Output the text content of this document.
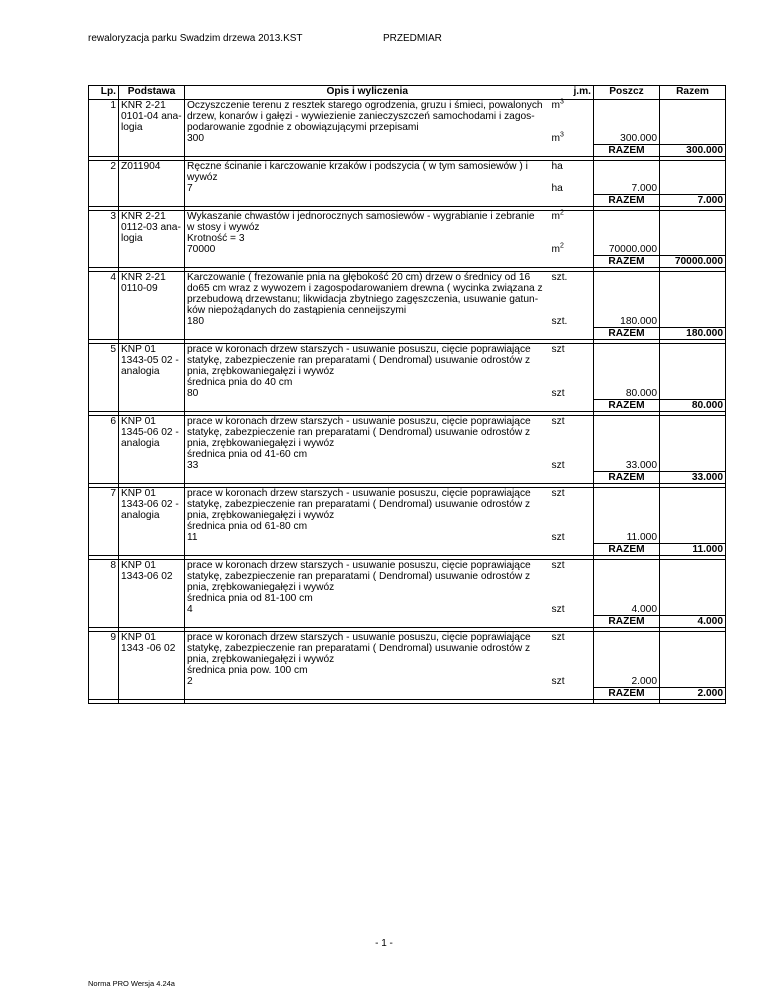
rewaloryzacja parku Swadzim drzewa 2013.KST	PRZEDMIAR
Lp.	Podstawa	Opis i wyliczenia	j.m.	Poszcz	Razem
1	KNR 2-21	Oczyszczenie terenu z resztek starego ogrodzenia, gruzu i śmieci, powalonych	$m^3$		
	0101-04 ana-	drzew, konarów i gałęzi - wywiezienie zanieczyszczeń samochodami i zagos-			
	logia	podarowanie zgodnie z obowiązującymi przepisami			
		300	$m^3$	300.000	
				RAZEM	300.000

2	Z011904	Ręczne ścinanie i karczowanie krzaków i podszycia ( w tym samosiewów ) i	ha		
		wywóz			
		7	ha	7.000	
				RAZEM	7.000

3	KNR 2-21	Wykaszanie chwastów i jednorocznych samosiewów - wygrabianie i zebranie	$m^2$		
	0112-03 ana-	w stosy i wywóz			
	logia	Krotność = 3			
		70000	$m^2$	70000.000	
				RAZEM	70000.000

4	KNR 2-21	Karczowanie ( frezowanie pnia na głębokość 20 cm) drzew o średnicy od 16	szt.		
	0110-09	do65 cm wraz z wywozem i zagospodarowaniem drewna ( wycinka związana z			
		przebudową drzewstanu; likwidacja zbytniego zagęszczenia, usuwanie gatun-			
		ków niepożądanych do zastąpienia cenneijszymi			
		180	szt.	180.000	
				RAZEM	180.000

5	KNP 01	prace w koronach drzew starszych - usuwanie posuszu, cięcie poprawiające	szt		
	1343-05 02 -	statykę, zabezpieczenie ran preparatami ( Dendromal) usuwanie odrostów z			
	analogia	pnia, zrębkowaniegałęzi i wywóz			
		średnica pnia do 40 cm			
		80	szt	80.000	
				RAZEM	80.000

6	KNP 01	prace w koronach drzew starszych - usuwanie posuszu, cięcie poprawiające	szt		
	1345-06 02 -	statykę, zabezpieczenie ran preparatami ( Dendromal) usuwanie odrostów z			
	analogia	pnia, zrębkowaniegałęzi i wywóz			
		średnica pnia od 41-60 cm			
		33	szt	33.000	
				RAZEM	33.000

7	KNP 01	prace w koronach drzew starszych - usuwanie posuszu, cięcie poprawiające	szt		
	1343-06 02 -	statykę, zabezpieczenie ran preparatami ( Dendromal) usuwanie odrostów z			
	analogia	pnia, zrębkowaniegałęzi i wywóz			
		średnica pnia od 61-80 cm			
		11	szt	11.000	
				RAZEM	11.000

8	KNP 01	prace w koronach drzew starszych - usuwanie posuszu, cięcie poprawiające	szt		
	1343-06 02	statykę, zabezpieczenie ran preparatami ( Dendromal) usuwanie odrostów z			
		pnia, zrębkowaniegałęzi i wywóz			
		średnica pnia od 81-100 cm			
		4	szt	4.000	
				RAZEM	4.000

9	KNP 01	prace w koronach drzew starszych - usuwanie posuszu, cięcie poprawiające	szt		
	1343 -06 02	statykę, zabezpieczenie ran preparatami ( Dendromal) usuwanie odrostów z			
		pnia, zrębkowaniegałęzi i wywóz			
		średnica pnia pow. 100 cm			
		2	szt	2.000	
				RAZEM	2.000

- 1 -
Norma PRO Wersja 4.24a
